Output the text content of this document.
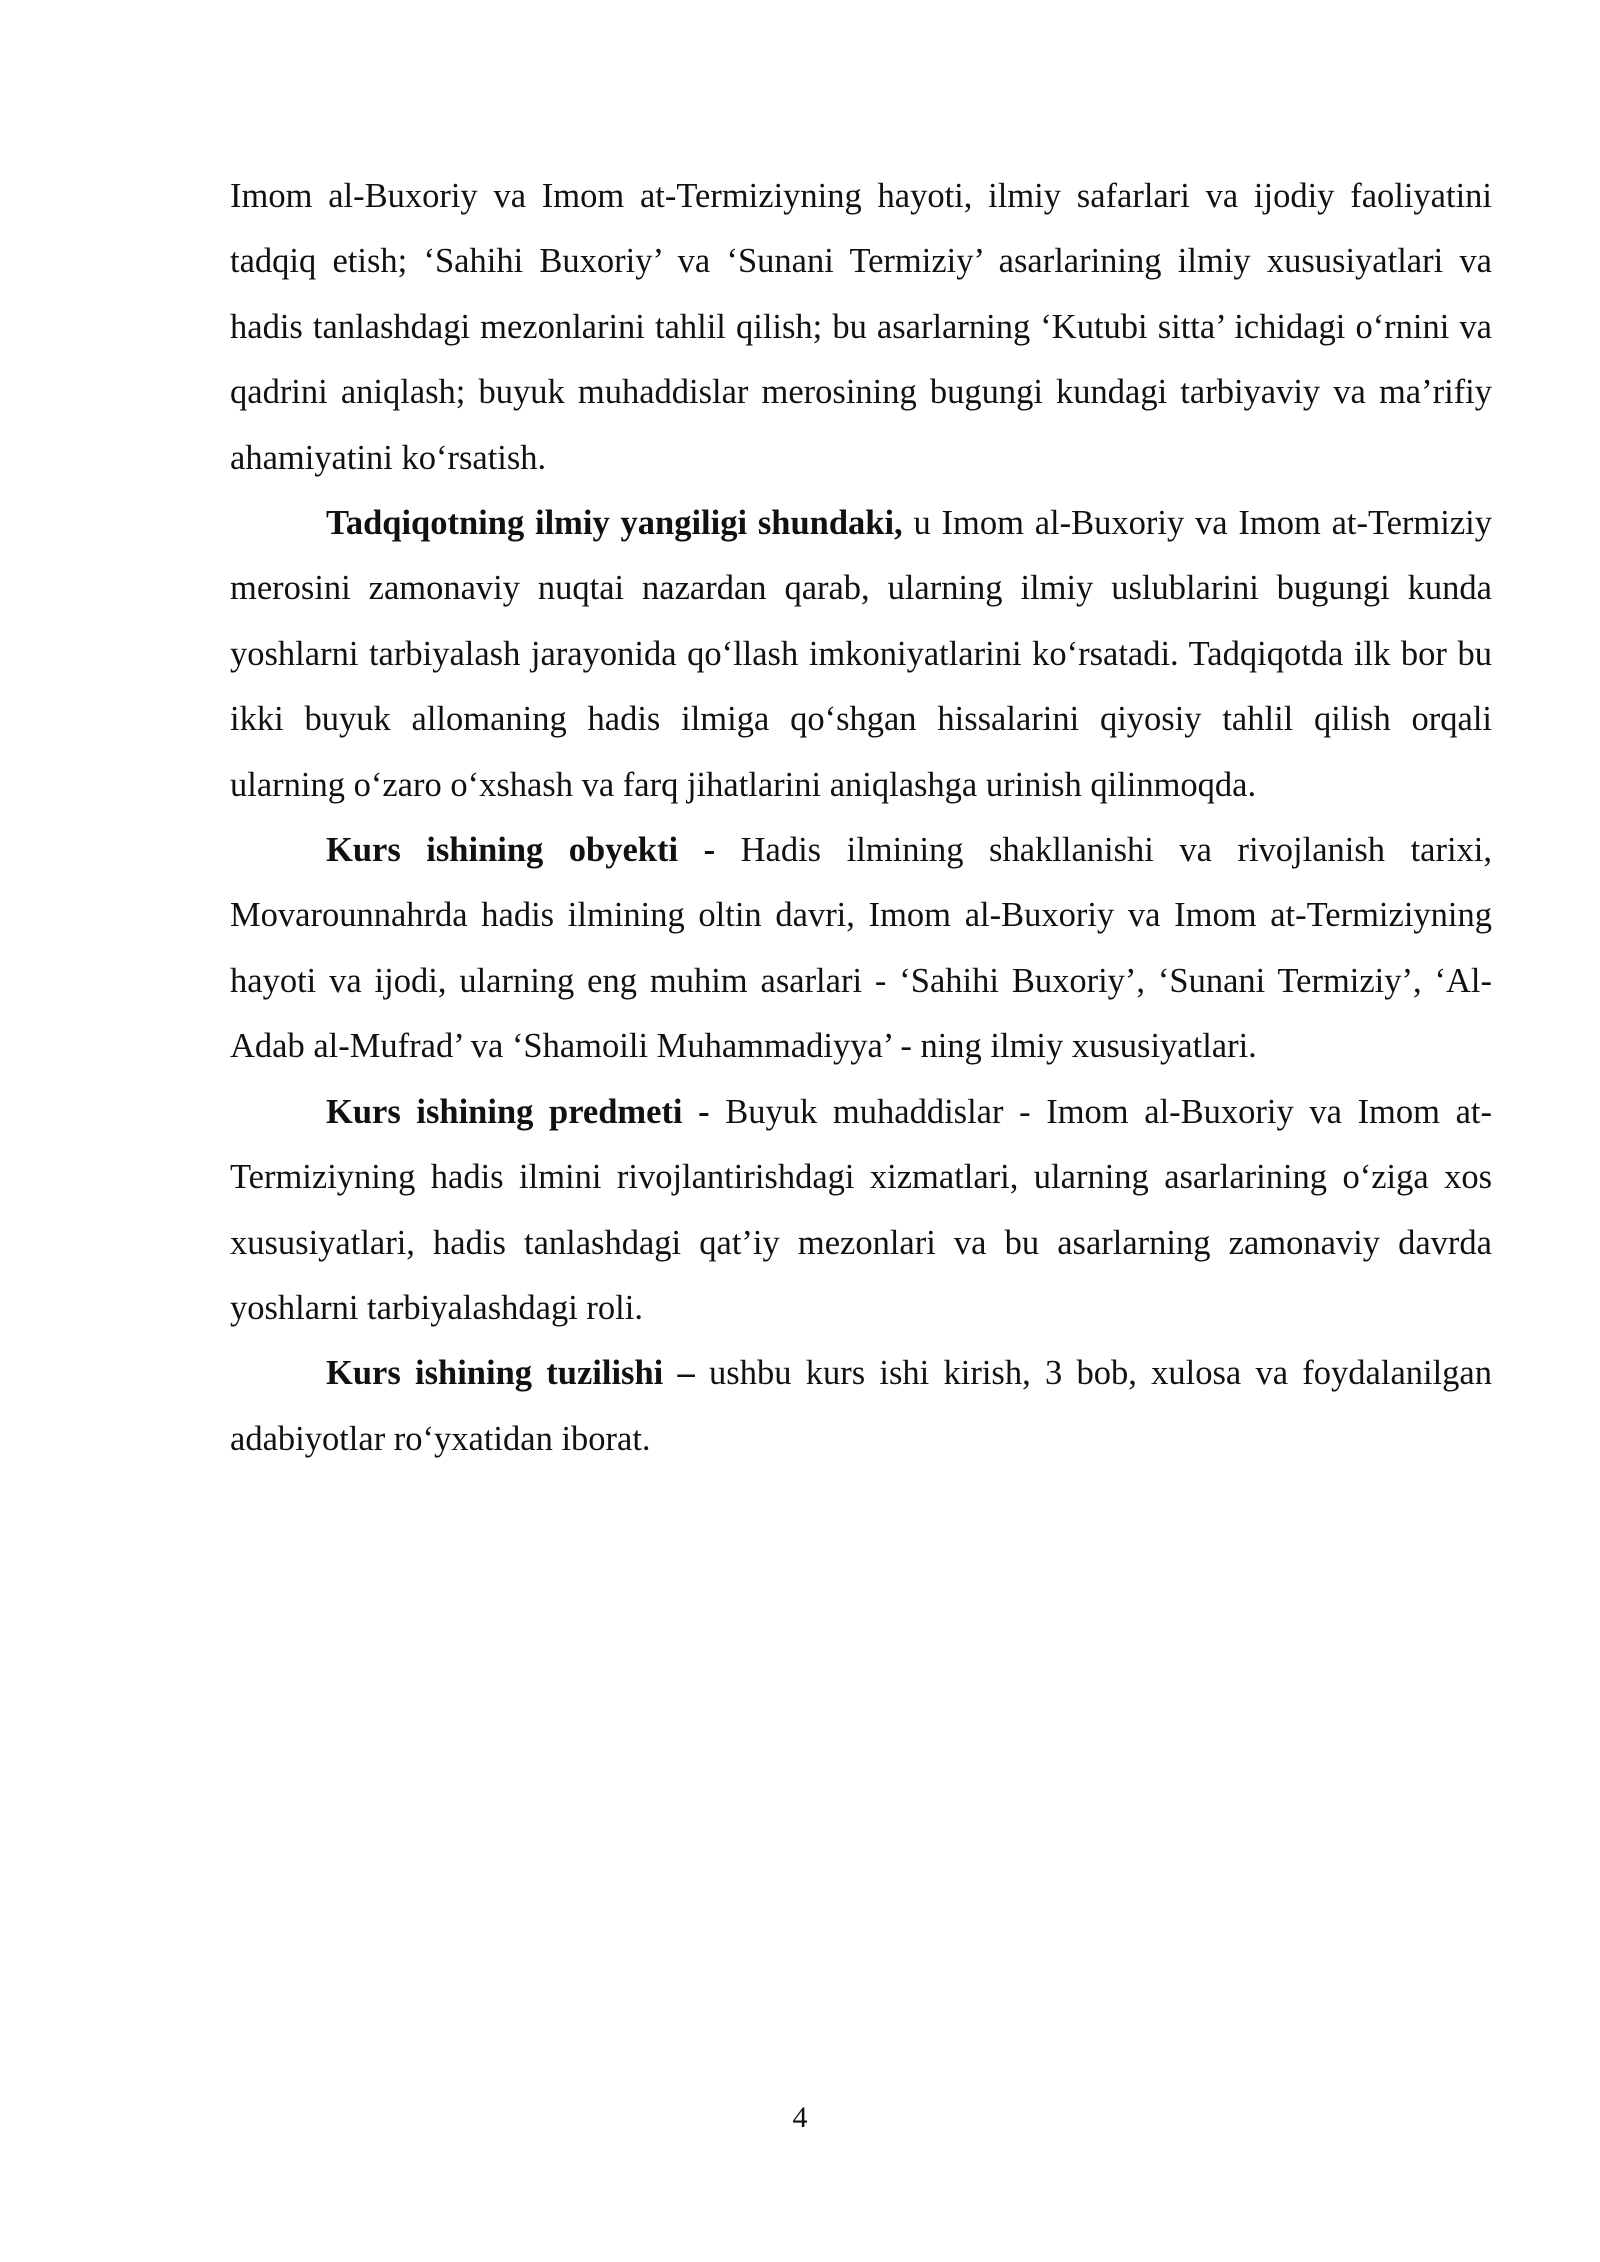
Imom al-Buxoriy va Imom at-Termiziyning hayoti, ilmiy safarlari va ijodiy faoliyatini tadqiq etish; ‘Sahihi Buxoriy’ va ‘Sunani Termiziy’ asarlarining ilmiy xususiyatlari va hadis tanlashdagi mezonlarini tahlil qilish; bu asarlarning ‘Kutubi sitta’ ichidagi o‘rnini va qadrini aniqlash; buyuk muhaddislar merosining bugungi kundagi tarbiyaviy va ma’rifiy ahamiyatini ko‘rsatish.

Tadqiqotning ilmiy yangiligi shundaki, u Imom al-Buxoriy va Imom at-Termiziy merosini zamonaviy nuqtai nazardan qarab, ularning ilmiy uslublarini bugungi kunda yoshlarni tarbiyalash jarayonida qo‘llash imkoniyatlarini ko‘rsatadi. Tadqiqotda ilk bor bu ikki buyuk allomaning hadis ilmiga qo‘shgan hissalarini qiyosiy tahlil qilish orqali ularning o‘zaro o‘xshash va farq jihatlarini aniqlashga urinish qilinmoqda.

Kurs ishining obyekti - Hadis ilmining shakllanishi va rivojlanish tarixi, Movarounnahrda hadis ilmining oltin davri, Imom al-Buxoriy va Imom at-Termiziyning hayoti va ijodi, ularning eng muhim asarlari - ‘Sahihi Buxoriy’, ‘Sunani Termiziy’, ‘Al-Adab al-Mufrad’ va ‘Shamoili Muhammadiyya’ - ning ilmiy xususiyatlari.

Kurs ishining predmeti - Buyuk muhaddislar - Imom al-Buxoriy va Imom at-Termiziyning hadis ilmini rivojlantirishdagi xizmatlari, ularning asarlarining o‘ziga xos xususiyatlari, hadis tanlashdagi qat’iy mezonlari va bu asarlarning zamonaviy davrda yoshlarni tarbiyalashdagi roli.

Kurs ishining tuzilishi – ushbu kurs ishi kirish, 3 bob, xulosa va foydalanilgan adabiyotlar ro‘yxatidan iborat.

4
